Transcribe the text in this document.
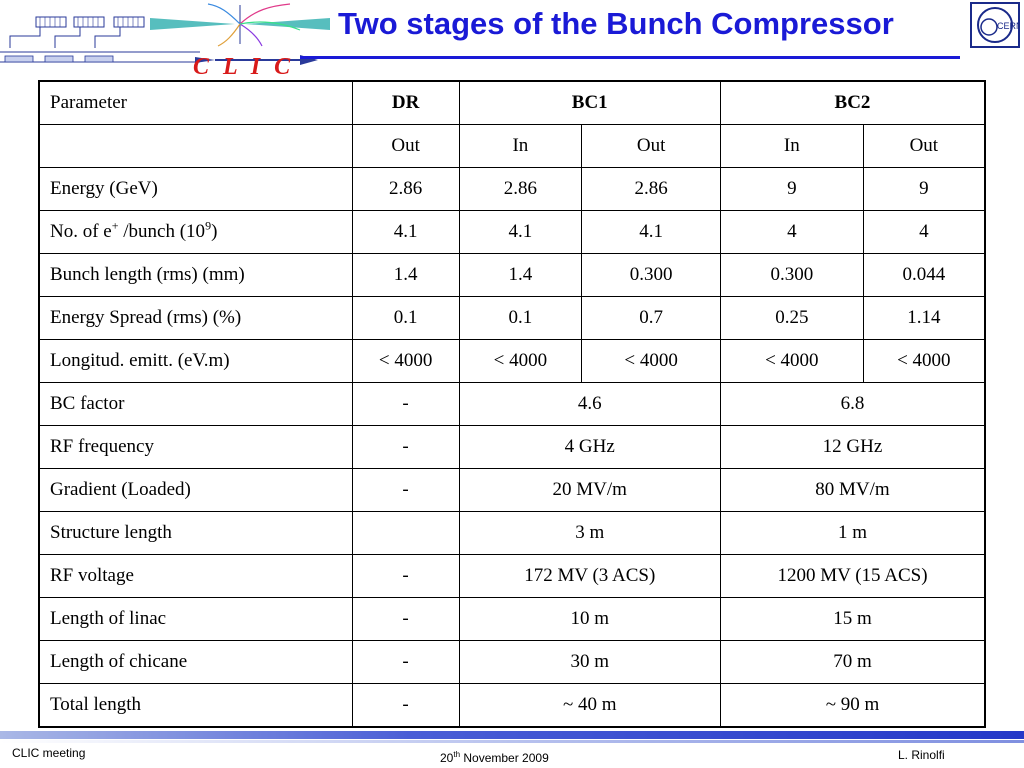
C L I C
Two stages of the Bunch Compressor	CERN
Parameter	DR	BC1		BC2	
	Out	In	Out	In	Out
Energy (GeV)	2.86	2.86	2.86	9	9
No. of e+ /bunch $(10^9)$	4.1	4.1	4.1	4	4
Bunch length (rms) (mm)	1.4	1.4	0.300	0.300	0.044
Energy Spread (rms) (%)	0.1	0.1	0.7	0.25	1.14
Longitud. emitt. (eV.m)	< 4000	< 4000	< 4000	< 4000	< 4000
BC factor	-	4.6		6.8	
RF frequency	-	4 GHz		12 GHz	
Gradient (Loaded)	-	20 MV/m		80 MV/m	
Structure length		3 m		1 m	
RF voltage	-	172 MV (3 ACS)		1200 MV (15 ACS)	
Length of linac	-	10 m		15 m	
Length of chicane	-	30 m		70 m	
Total length	-	~ 40 m		~ 90 m	
CLIC meeting	20th November 2009	L. Rinolfi
